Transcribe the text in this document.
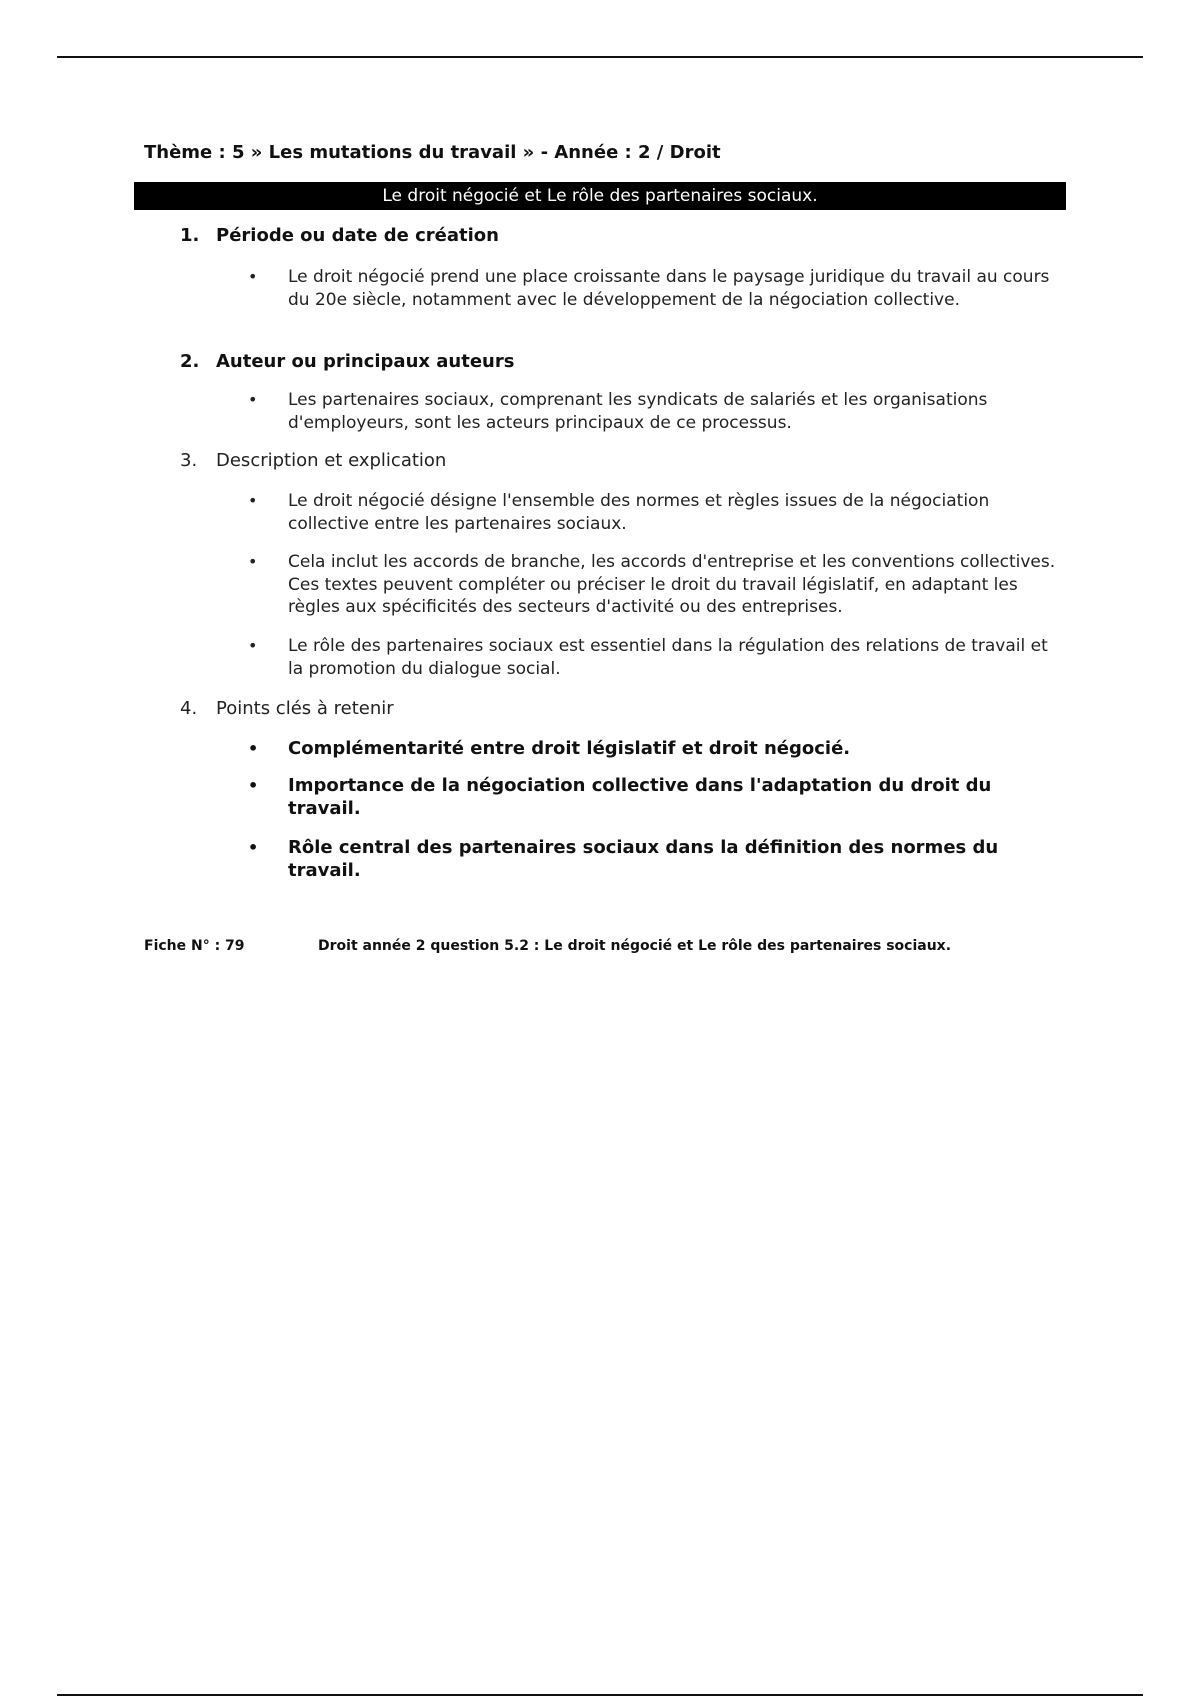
Thème : 5 » Les mutations du travail » - Année : 2 / Droit
Le droit négocié et Le rôle des partenaires sociaux.
1. Période ou date de création
• Le droit négocié prend une place croissante dans le paysage juridique du travail au cours du 20e siècle, notamment avec le développement de la négociation collective.
2. Auteur ou principaux auteurs
• Les partenaires sociaux, comprenant les syndicats de salariés et les organisations d'employeurs, sont les acteurs principaux de ce processus.
3. Description et explication
• Le droit négocié désigne l'ensemble des normes et règles issues de la négociation collective entre les partenaires sociaux.
• Cela inclut les accords de branche, les accords d'entreprise et les conventions collectives. Ces textes peuvent compléter ou préciser le droit du travail législatif, en adaptant les règles aux spécificités des secteurs d'activité ou des entreprises.
• Le rôle des partenaires sociaux est essentiel dans la régulation des relations de travail et la promotion du dialogue social.
4. Points clés à retenir
• Complémentarité entre droit législatif et droit négocié.
• Importance de la négociation collective dans l'adaptation du droit du travail.
• Rôle central des partenaires sociaux dans la définition des normes du travail.
Fiche N° : 79	Droit année 2 question 5.2 : Le droit négocié et Le rôle des partenaires sociaux.
